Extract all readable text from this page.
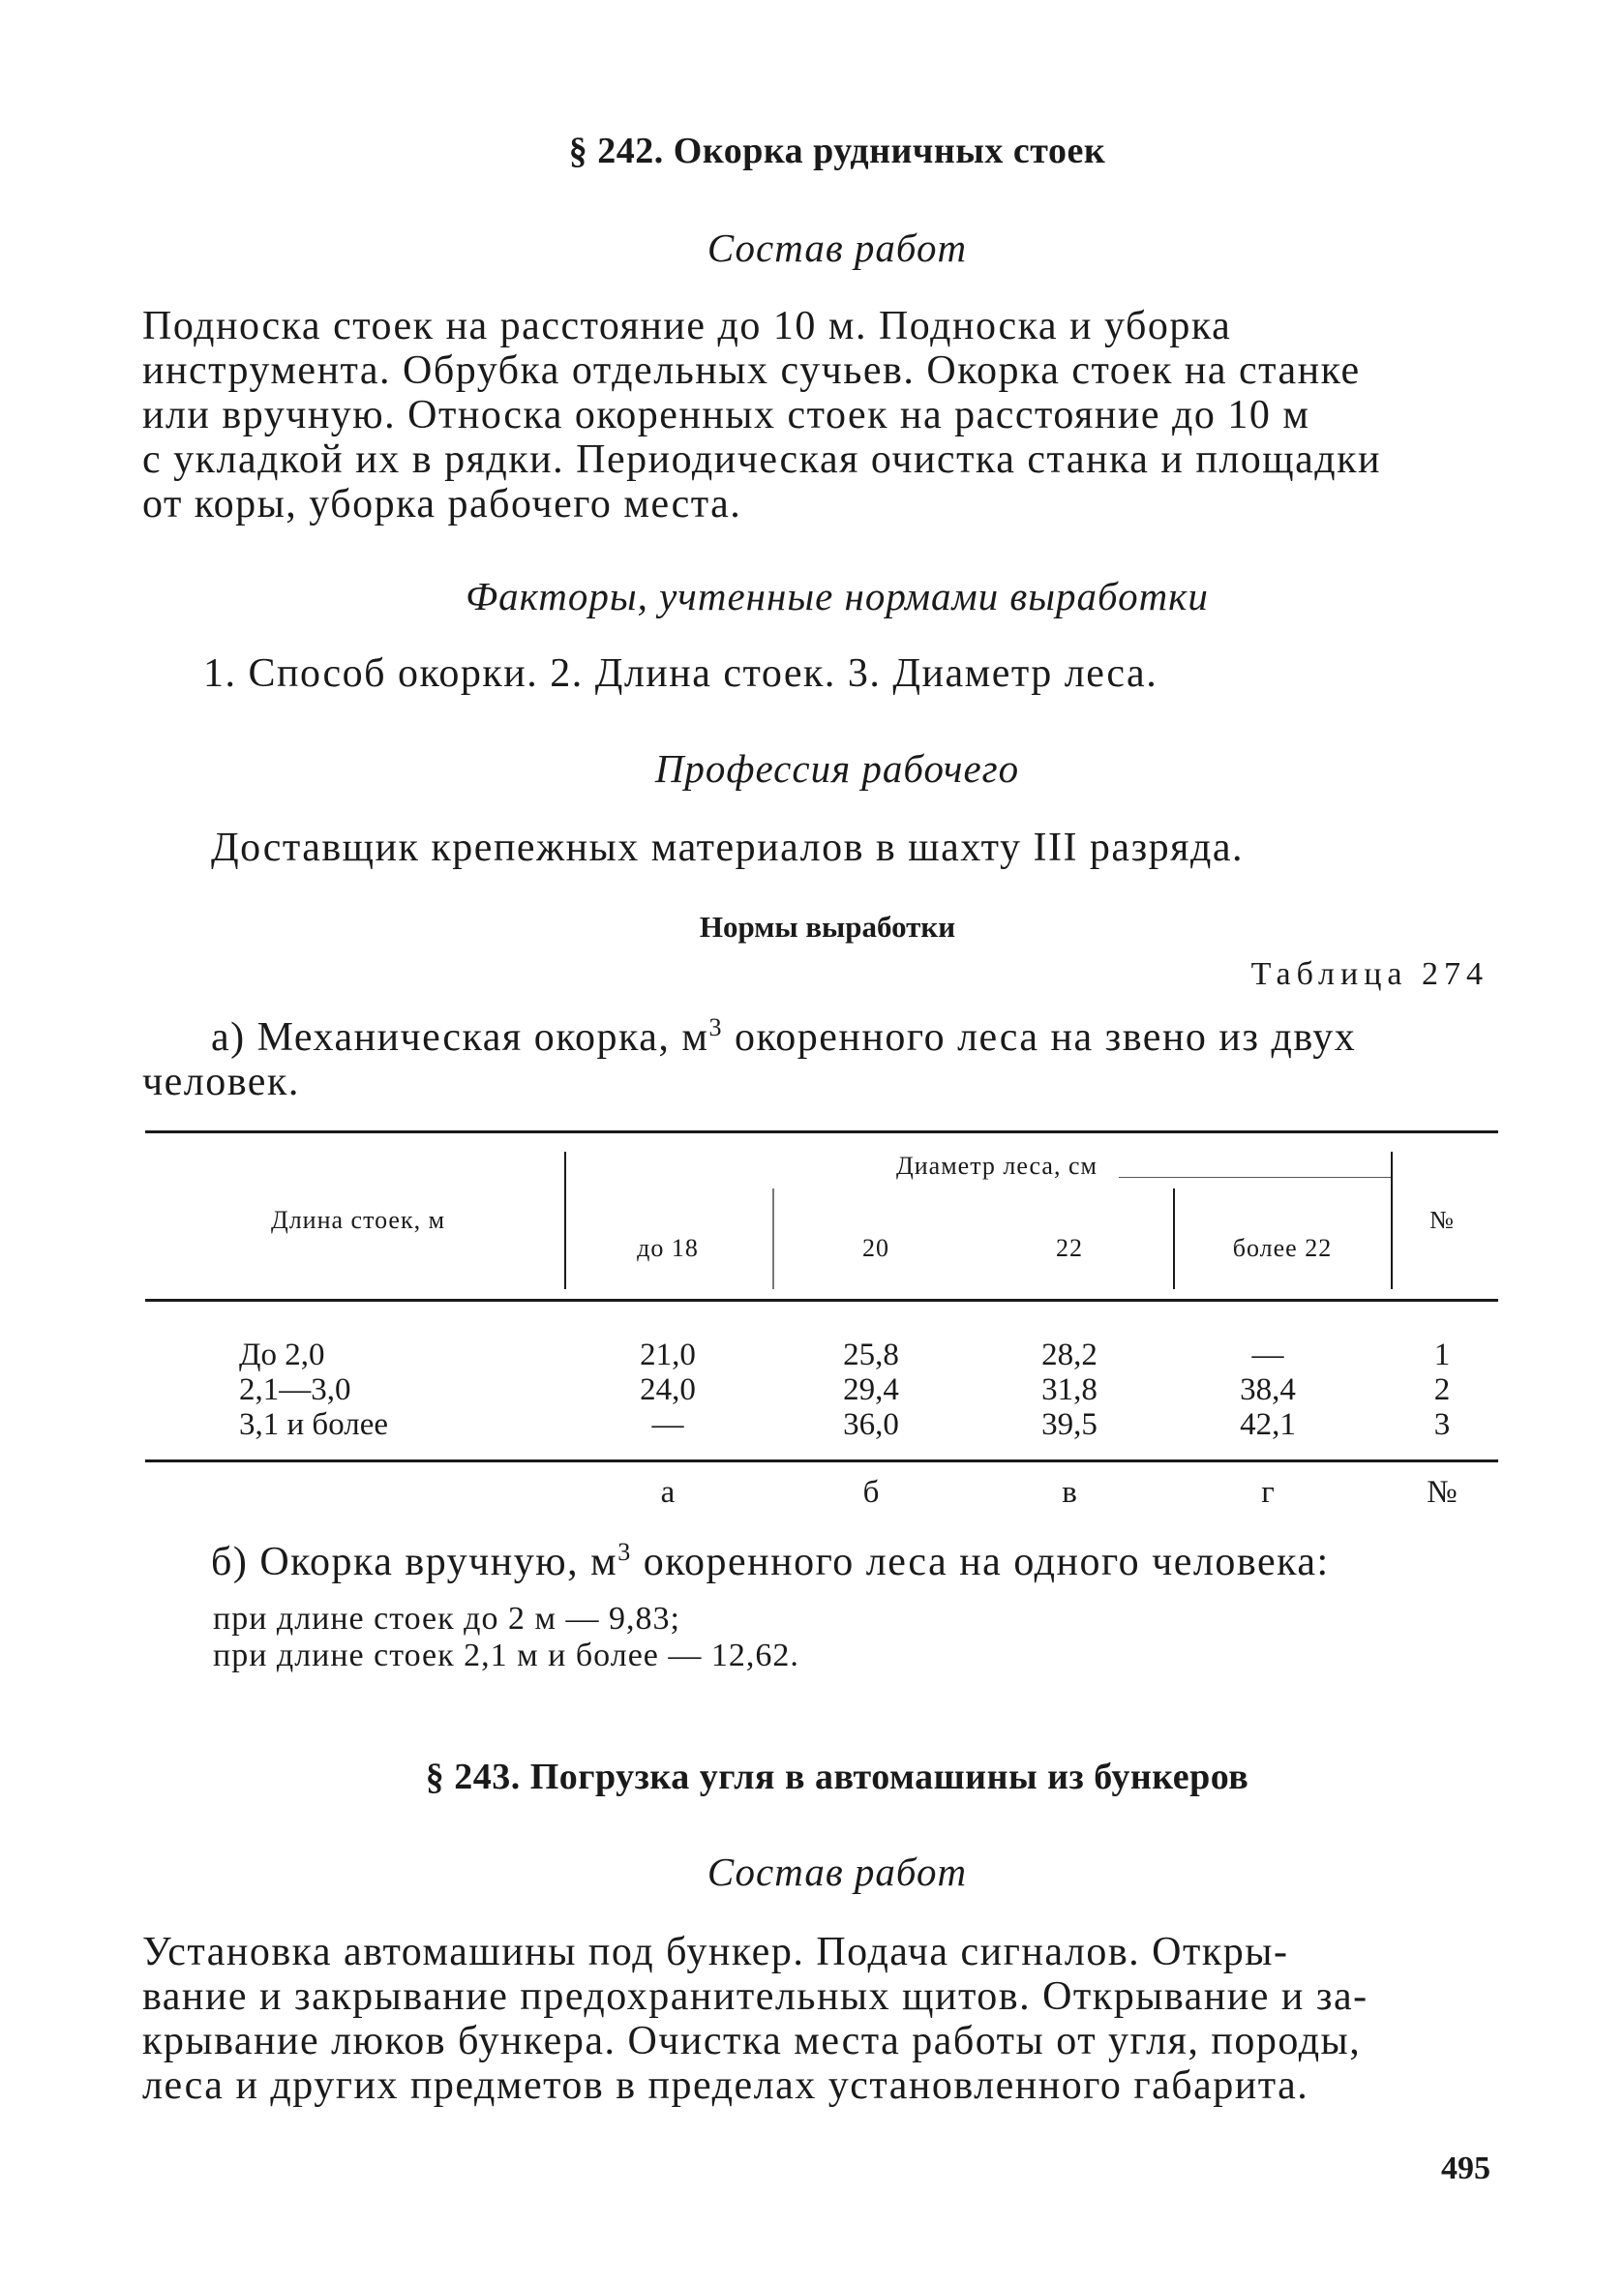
§ 242. Окорка рудничных стоек
Состав работ
Подноска стоек на расстояние до 10 м. Подноска и уборка
инструмента. Обрубка отдельных сучьев. Окорка стоек на станке
или вручную. Относка окоренных стоек на расстояние до 10 м
с укладкой их в рядки. Периодическая очистка станка и площадки
от коры, уборка рабочего места.
Факторы, учтенные нормами выработки
1. Способ окорки. 2. Длина стоек. 3. Диаметр леса.
Профессия рабочего
Доставщик крепежных материалов в шахту III разряда.
Нормы выработки
Таблица 274
а) Механическая окорка, $м^3$ окоренного леса на звено из двух
человек.
Длина стоек, м
Диаметр леса, см
до 18	20	22	более 22
№
До 2,0	21,0	25,8	28,2	—	1
2,1—3,0	24,0	29,4	31,8	38,4	2
3,1 и более	—	36,0	39,5	42,1	3
а	б	в	г	№
б) Окорка вручную, $м^3$ окоренного леса на одного человека:
при длине стоек до 2 м — 9,83;
при длине стоек 2,1 м и более — 12,62.
§ 243. Погрузка угля в автомашины из бункеров
Состав работ
Установка автомашины под бункер. Подача сигналов. Откры-
вание и закрывание предохранительных щитов. Открывание и за-
крывание люков бункера. Очистка места работы от угля, породы,
леса и других предметов в пределах установленного габарита.
495
